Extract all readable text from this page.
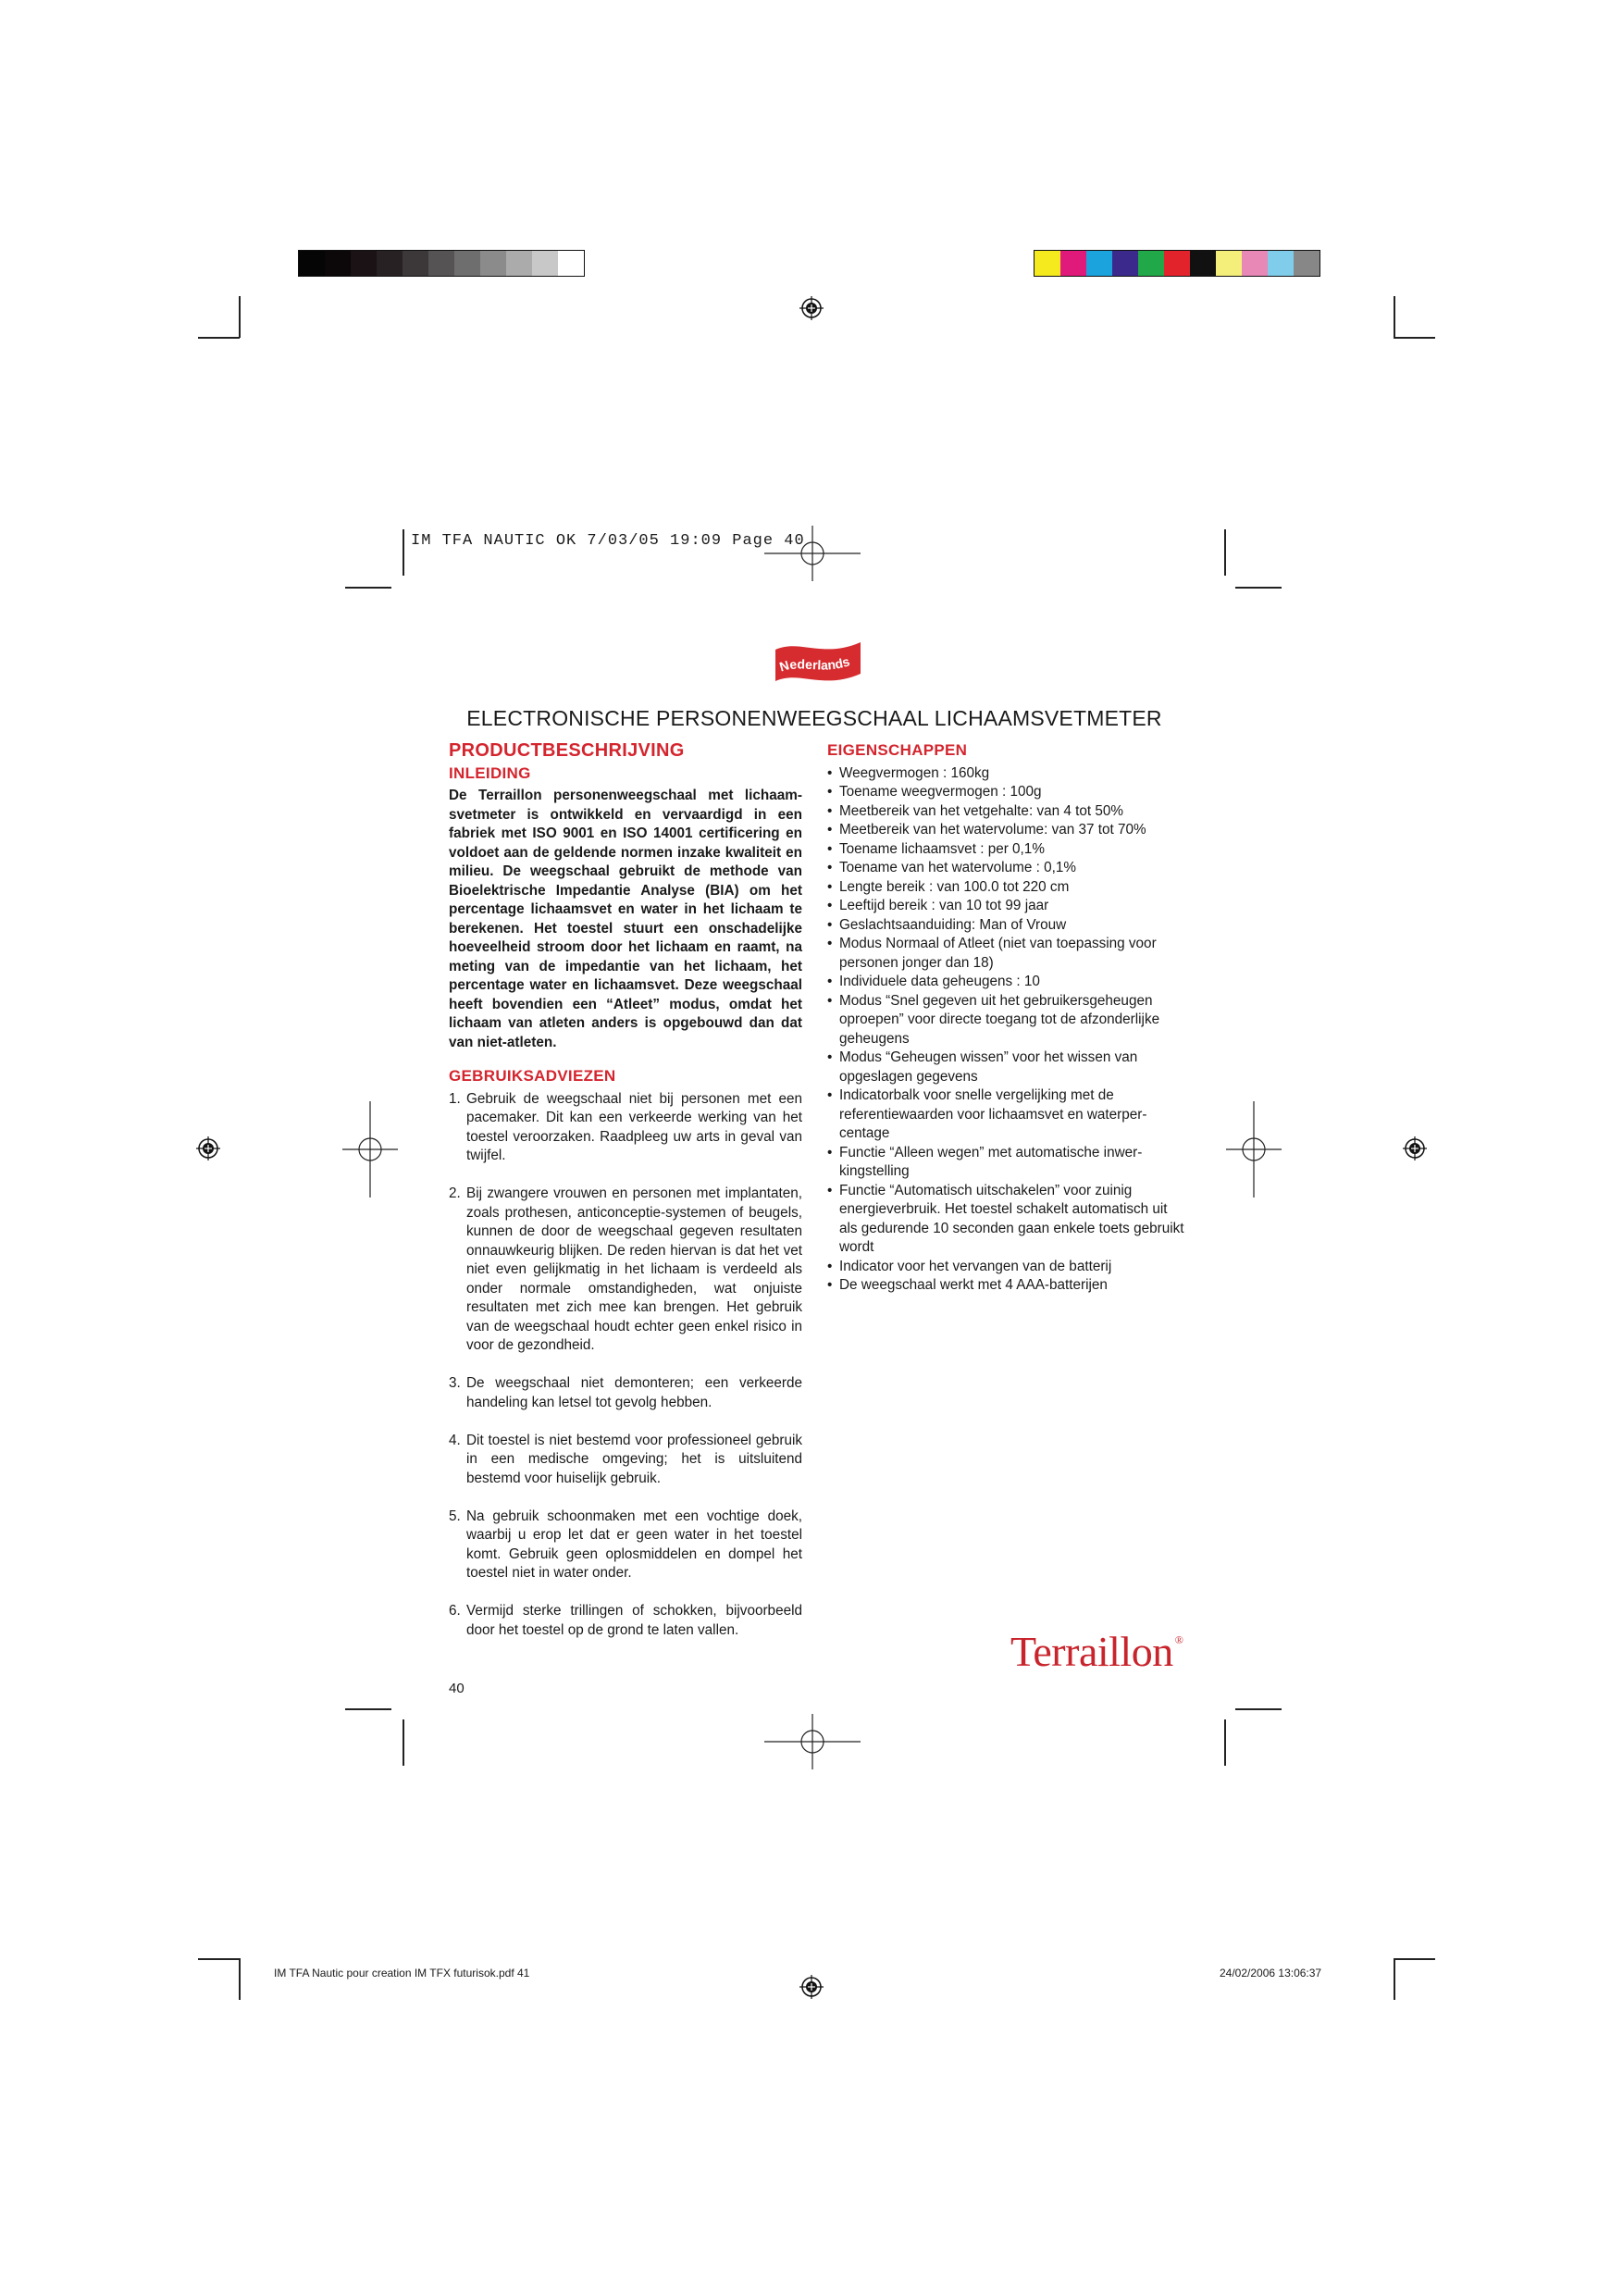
IM TFA NAUTIC OK 7/03/05 19:09 Page 40
Nederlands
ELECTRONISCHE PERSONENWEEGSCHAAL LICHAAMSVETMETER
PRODUCTBESCHRIJVING
INLEIDING

De Terraillon personenweegschaal met lichaamsvetmeter is ontwikkeld en vervaardigd in een fabriek met ISO 9001 en ISO 14001 certificering en voldoet aan de geldende normen inzake kwaliteit en milieu. De weegschaal gebruikt de methode van Bioelektrische Impedantie Analyse (BIA) om het percentage lichaamsvet en water in het lichaam te berekenen. Het toestel stuurt een onschadelijke hoeveelheid stroom door het lichaam en raamt, na meting van de impedantie van het lichaam, het percentage water en lichaamsvet. Deze weegschaal heeft bovendien een “Atleet” modus, omdat het lichaam van atleten anders is opgebouwd dan dat van niet-atleten.

GEBRUIKSADVIEZEN
1. Gebruik de weegschaal niet bij personen met een pacemaker. Dit kan een verkeerde werking van het toestel veroorzaken. Raadpleeg uw arts in geval van twijfel.
2. Bij zwangere vrouwen en personen met implantaten, zoals prothesen, anticonceptie-systemen of beugels, kunnen de door de weegschaal gegeven resultaten onnauwkeurig blijken. De reden hiervan is dat het vet niet even gelijkmatig in het lichaam is verdeeld als onder normale omstandigheden, wat onjuiste resultaten met zich mee kan brengen. Het gebruik van de weegschaal houdt echter geen enkel risico in voor de gezondheid.
3. De weegschaal niet demonteren; een verkeerde handeling kan letsel tot gevolg hebben.
4. Dit toestel is niet bestemd voor professioneel gebruik in een medische omgeving; het is uitsluitend bestemd voor huiselijk gebruik.
5. Na gebruik schoonmaken met een vochtige doek, waarbij u erop let dat er geen water in het toestel komt. Gebruik geen oplosmiddelen en dompel het toestel niet in water onder.
6. Vermijd sterke trillingen of schokken, bijvoorbeeld door het toestel op de grond te laten vallen.
40
EIGENSCHAPPEN
• Weegvermogen : 160kg
• Toename weegvermogen : 100g
• Meetbereik van het vetgehalte: van 4 tot 50%
• Meetbereik van het watervolume: van 37 tot 70%
• Toename lichaamsvet : per 0,1%
• Toename van het watervolume : 0,1%
• Lengte bereik : van 100.0 tot 220 cm
• Leeftijd bereik : van 10 tot 99 jaar
• Geslachtsaanduiding: Man of Vrouw
• Modus Normaal of Atleet (niet van toepassing voor personen jonger dan 18)
• Individuele data geheugens : 10
• Modus “Snel gegeven uit het gebruikersgeheugen oproepen” voor directe toegang tot de afzonderlijke geheugens
• Modus “Geheugen wissen” voor het wissen van opgeslagen gegevens
• Indicatorbalk voor snelle vergelijking met de referentiewaarden voor lichaamsvet en waterpercentage
• Functie “Alleen wegen” met automatische inwerkingstelling
• Functie “Automatisch uitschakelen” voor zuinig energieverbruik. Het toestel schakelt automatisch uit als gedurende 10 seconden gaan enkele toets gebruikt wordt
• Indicator voor het vervangen van de batterij
• De weegschaal werkt met 4 AAA-batterijen
Terraillon ®
IM TFA Nautic pour creation IM TFX futurisok.pdf 41	24/02/2006 13:06:37
